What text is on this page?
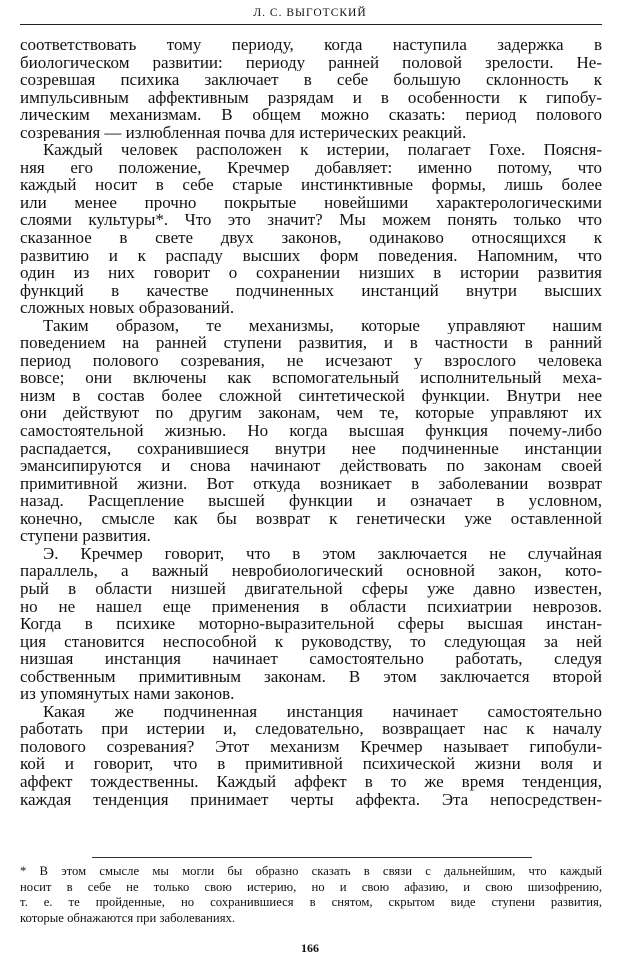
Л. С. ВЫГОТСКИЙ
соответствовать тому периоду, когда наступила задержка в
биологическом развитии: периоду ранней половой зрелости. Не-
созревшая психика заключает в себе большую склонность к
импульсивным аффективным разрядам и в особенности к гипобу-
лическим механизмам. В общем можно сказать: период полового
созревания — излюбленная почва для истерических реакций.
Каждый человек расположен к истерии, полагает Гохе. Поясня-
няя его положение, Кречмер добавляет: именно потому, что
каждый носит в себе старые инстинктивные формы, лишь более
или менее прочно покрытые новейшими характерологическими
слоями культуры*. Что это значит? Мы можем понять только что
сказанное в свете двух законов, одинаково относящихся к
развитию и к распаду высших форм поведения. Напомним, что
один из них говорит о сохранении низших в истории развития
функций в качестве подчиненных инстанций внутри высших
сложных новых образований.
Таким образом, те механизмы, которые управляют нашим
поведением на ранней ступени развития, и в частности в ранний
период полового созревания, не исчезают у взрослого человека
вовсе; они включены как вспомогательный исполнительный меха-
низм в состав более сложной синтетической функции. Внутри нее
они действуют по другим законам, чем те, которые управляют их
самостоятельной жизнью. Но когда высшая функция почему-либо
распадается, сохранившиеся внутри нее подчиненные инстанции
эмансипируются и снова начинают действовать по законам своей
примитивной жизни. Вот откуда возникает в заболевании возврат
назад. Расщепление высшей функции и означает в условном,
конечно, смысле как бы возврат к генетически уже оставленной
ступени развития.
Э. Кречмер говорит, что в этом заключается не случайная
параллель, а важный невробиологический основной закон, кото-
рый в области низшей двигательной сферы уже давно известен,
но не нашел еще применения в области психиатрии неврозов.
Когда в психике моторно-выразительной сферы высшая инстан-
ция становится неспособной к руководству, то следующая за ней
низшая инстанция начинает самостоятельно работать, следуя
собственным примитивным законам. В этом заключается второй
из упомянутых нами законов.
Какая же подчиненная инстанция начинает самостоятельно
работать при истерии и, следовательно, возвращает нас к началу
полового созревания? Этот механизм Кречмер называет гипобули-
кой и говорит, что в примитивной психической жизни воля и
аффект тождественны. Каждый аффект в то же время тенденция,
каждая тенденция принимает черты аффекта. Эта непосредствен-
* В этом смысле мы могли бы образно сказать в связи с дальнейшим, что каждый
носит в себе не только свою истерию, но и свою афазию, и свою шизофрению,
т. е. те пройденные, но сохранившиеся в снятом, скрытом виде ступени развития,
которые обнажаются при заболеваниях.
166
